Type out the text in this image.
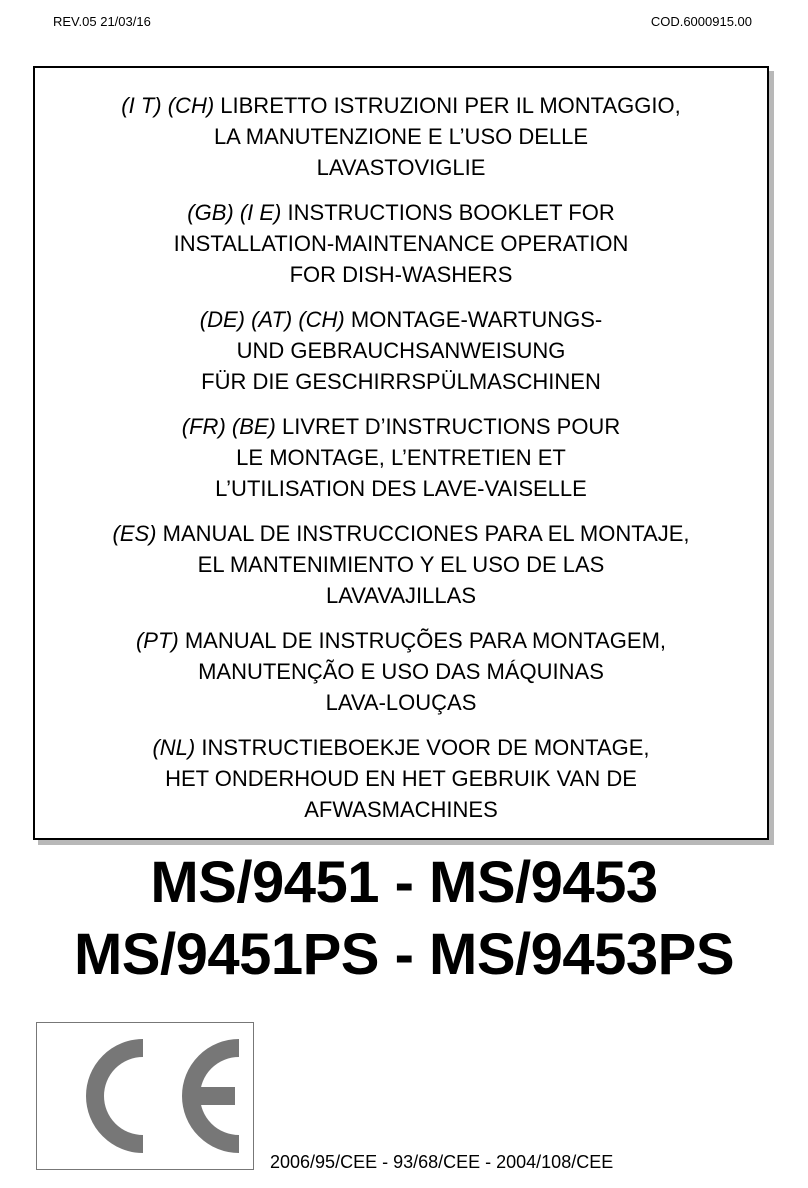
REV.05 21/03/16	COD.6000915.00
(I T) (CH) LIBRETTO ISTRUZIONI PER IL MONTAGGIO,
LA MANUTENZIONE E L’USO DELLE
LAVASTOVIGLIE
(GB) (I E) INSTRUCTIONS BOOKLET FOR
INSTALLATION-MAINTENANCE OPERATION
FOR DISH-WASHERS
(DE) (AT) (CH) MONTAGE-WARTUNGS-
UND GEBRAUCHSANWEISUNG
FÜR DIE GESCHIRRSPÜLMASCHINEN
(FR) (BE) LIVRET D’INSTRUCTIONS POUR
LE MONTAGE, L’ENTRETIEN ET
L’UTILISATION DES LAVE-VAISELLE
(ES) MANUAL DE INSTRUCCIONES PARA EL MONTAJE,
EL MANTENIMIENTO Y EL USO DE LAS
LAVAVAJILLAS
(PT) MANUAL DE INSTRUÇÕES PARA MONTAGEM,
MANUTENÇÃO E USO DAS MÁQUINAS
LAVA-LOUÇAS
(NL) INSTRUCTIEBOEKJE VOOR DE MONTAGE,
HET ONDERHOUD EN HET GEBRUIK VAN DE
AFWASMACHINES
MS/9451 - MS/9453
MS/9451PS - MS/9453PS
2006/95/CEE - 93/68/CEE - 2004/108/CEE
